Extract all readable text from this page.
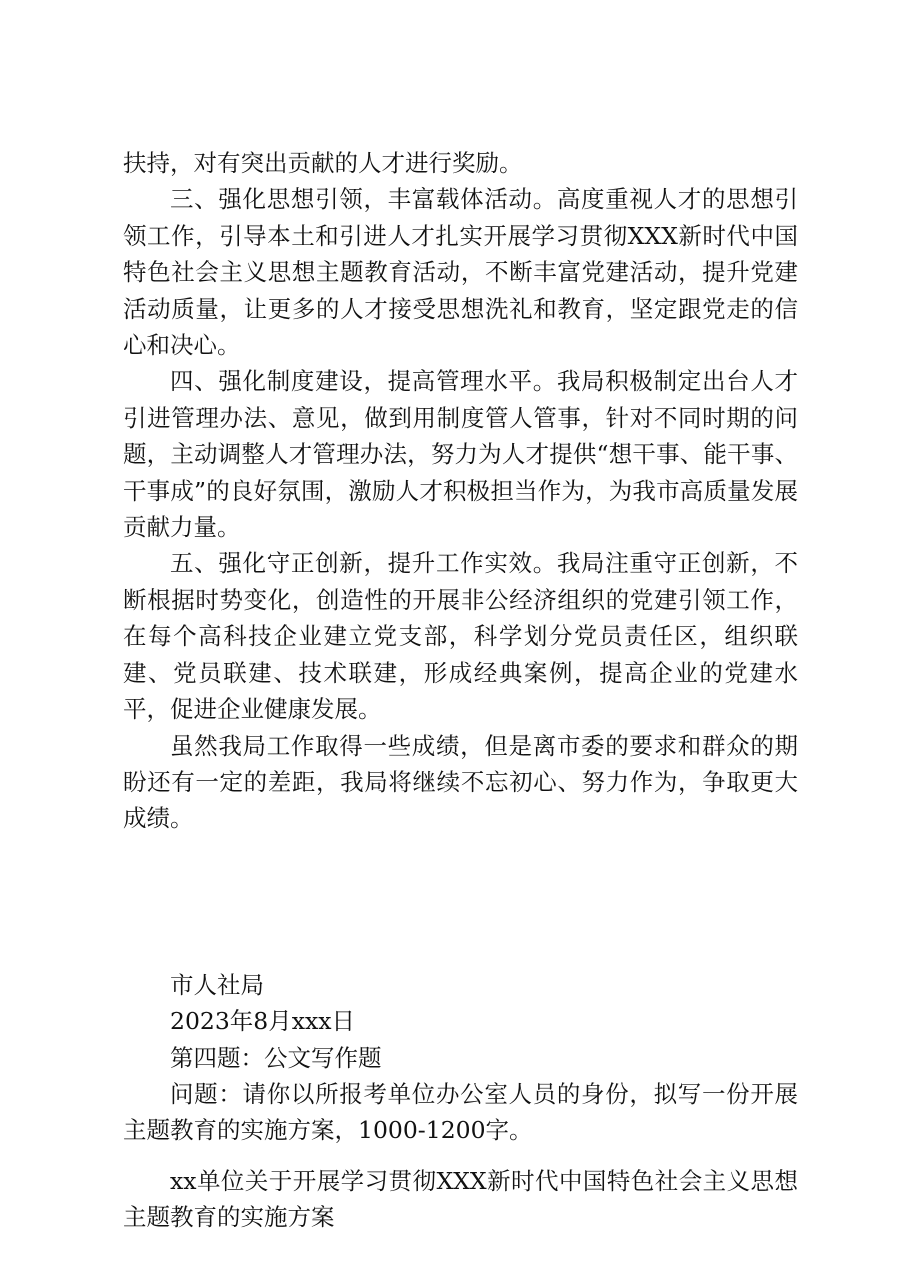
扶持，对有突出贡献的人才进行奖励。

三、强化思想引领，丰富载体活动。高度重视人才的思想引领工作，引导本土和引进人才扎实开展学习贯彻XXX新时代中国特色社会主义思想主题教育活动，不断丰富党建活动，提升党建活动质量，让更多的人才接受思想洗礼和教育，坚定跟党走的信心和决心。

四、强化制度建设，提高管理水平。我局积极制定出台人才引进管理办法、意见，做到用制度管人管事，针对不同时期的问题，主动调整人才管理办法，努力为人才提供“想干事、能干事、干事成”的良好氛围，激励人才积极担当作为，为我市高质量发展贡献力量。

五、强化守正创新，提升工作实效。我局注重守正创新，不断根据时势变化，创造性的开展非公经济组织的党建引领工作，在每个高科技企业建立党支部，科学划分党员责任区，组织联建、党员联建、技术联建，形成经典案例，提高企业的党建水平，促进企业健康发展。

虽然我局工作取得一些成绩，但是离市委的要求和群众的期盼还有一定的差距，我局将继续不忘初心、努力作为，争取更大成绩。

市人社局

2023年8月xxx日

第四题：公文写作题

问题：请你以所报考单位办公室人员的身份，拟写一份开展主题教育的实施方案，1000-1200字。

xx单位关于开展学习贯彻XXX新时代中国特色社会主义思想主题教育的实施方案
